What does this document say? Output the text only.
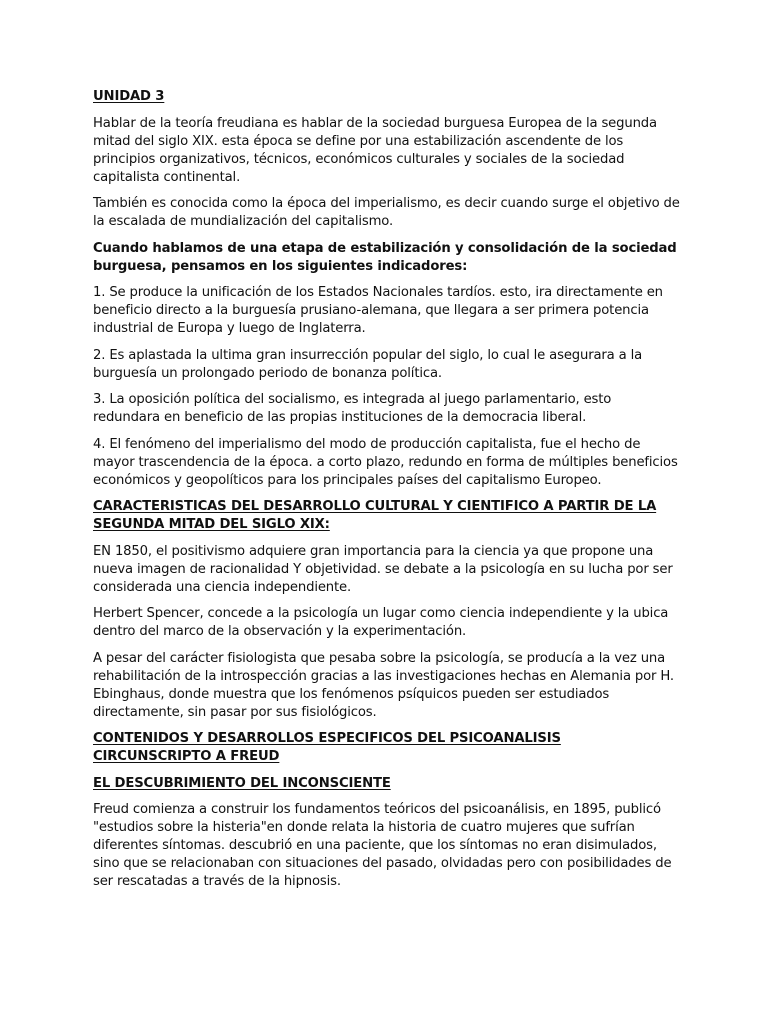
UNIDAD 3

Hablar de la teoría freudiana es hablar de la sociedad burguesa Europea de la segunda mitad del siglo XIX. esta época se define por una estabilización ascendente de los principios organizativos, técnicos, económicos culturales y sociales de la sociedad capitalista continental.

También es conocida como la época del imperialismo, es decir cuando surge el objetivo de la escalada de mundialización del capitalismo.

Cuando hablamos de una etapa de estabilización y consolidación de la sociedad burguesa, pensamos en los siguientes indicadores:

1. Se produce la unificación de los Estados Nacionales tardíos. esto, ira directamente en beneficio directo a la burguesía prusiano-alemana, que llegara a ser primera potencia industrial de Europa y luego de Inglaterra.

2. Es aplastada la ultima gran insurrección popular del siglo, lo cual le asegurara a la burguesía un prolongado periodo de bonanza política.

3. La oposición política del socialismo, es integrada al juego parlamentario, esto redundara en beneficio de las propias instituciones de la democracia liberal.

4. El fenómeno del imperialismo del modo de producción capitalista, fue el hecho de mayor trascendencia de la época. a corto plazo, redundo en forma de múltiples beneficios económicos y geopolíticos para los principales países del capitalismo Europeo.

CARACTERISTICAS DEL DESARROLLO CULTURAL Y CIENTIFICO A PARTIR DE LA SEGUNDA MITAD DEL SIGLO XIX:

EN 1850, el positivismo adquiere gran importancia para la ciencia ya que propone una nueva imagen de racionalidad Y objetividad. se debate a la psicología en su lucha por ser considerada una ciencia independiente.

Herbert Spencer, concede a la psicología un lugar como ciencia independiente y la ubica dentro del marco de la observación y la experimentación.

A pesar del carácter fisiologista que pesaba sobre la psicología, se producía a la vez una rehabilitación de la introspección gracias a las investigaciones hechas en Alemania por H. Ebinghaus, donde muestra que los fenómenos psíquicos pueden ser estudiados directamente, sin pasar por sus fisiológicos.

CONTENIDOS Y DESARROLLOS ESPECIFICOS DEL PSICOANALISIS CIRCUNSCRIPTO A FREUD

EL DESCUBRIMIENTO DEL INCONSCIENTE

Freud comienza a construir los fundamentos teóricos del psicoanálisis, en 1895, publicó "estudios sobre la histeria"en donde relata la historia de cuatro mujeres que sufrían diferentes síntomas. descubrió en una paciente, que los síntomas no eran disimulados, sino que se relacionaban con situaciones del pasado, olvidadas pero con posibilidades de ser rescatadas a través de la hipnosis.
